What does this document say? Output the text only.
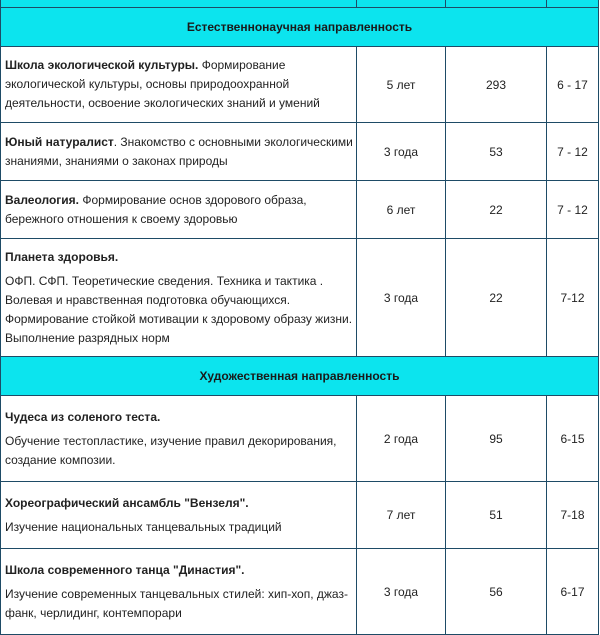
Естественнонаучная направленность			
Школа экологической культуры. Формирование экологической культуры, основы природоохранной деятельности, освоение экологических знаний и умений	5 лет	293	6 - 17
Юный натуралист. Знакомство с основными экологическими знаниями, знаниями о законах природы	3 года	53	7 - 12
Валеология. Формирование основ здорового образа, бережного отношения к своему здоровью	6 лет	22	7 - 12

Планета здоровья.
ОФП. СФП. Теоретические сведения. Техника и тактика . Волевая и нравственная подготовка обучающихся. Формирование стойкой мотивации к здоровому образу жизни. Выполнение разрядных норм	3 года	22	7-12
Художественная направленность			

Чудеса из соленого теста.
Обучение тестопластике, изучение правил декорирования, создание композии.	2 года	95	6-15

Хореографический ансамбль "Вензеля".
Изучение национальных танцевальных традиций	7 лет	51	7-18

Школа современного танца "Династия".
Изучение современных танцевальных стилей: хип-хоп, джаз-фанк, черлидинг, контемпорари	3 года	56	6-17
